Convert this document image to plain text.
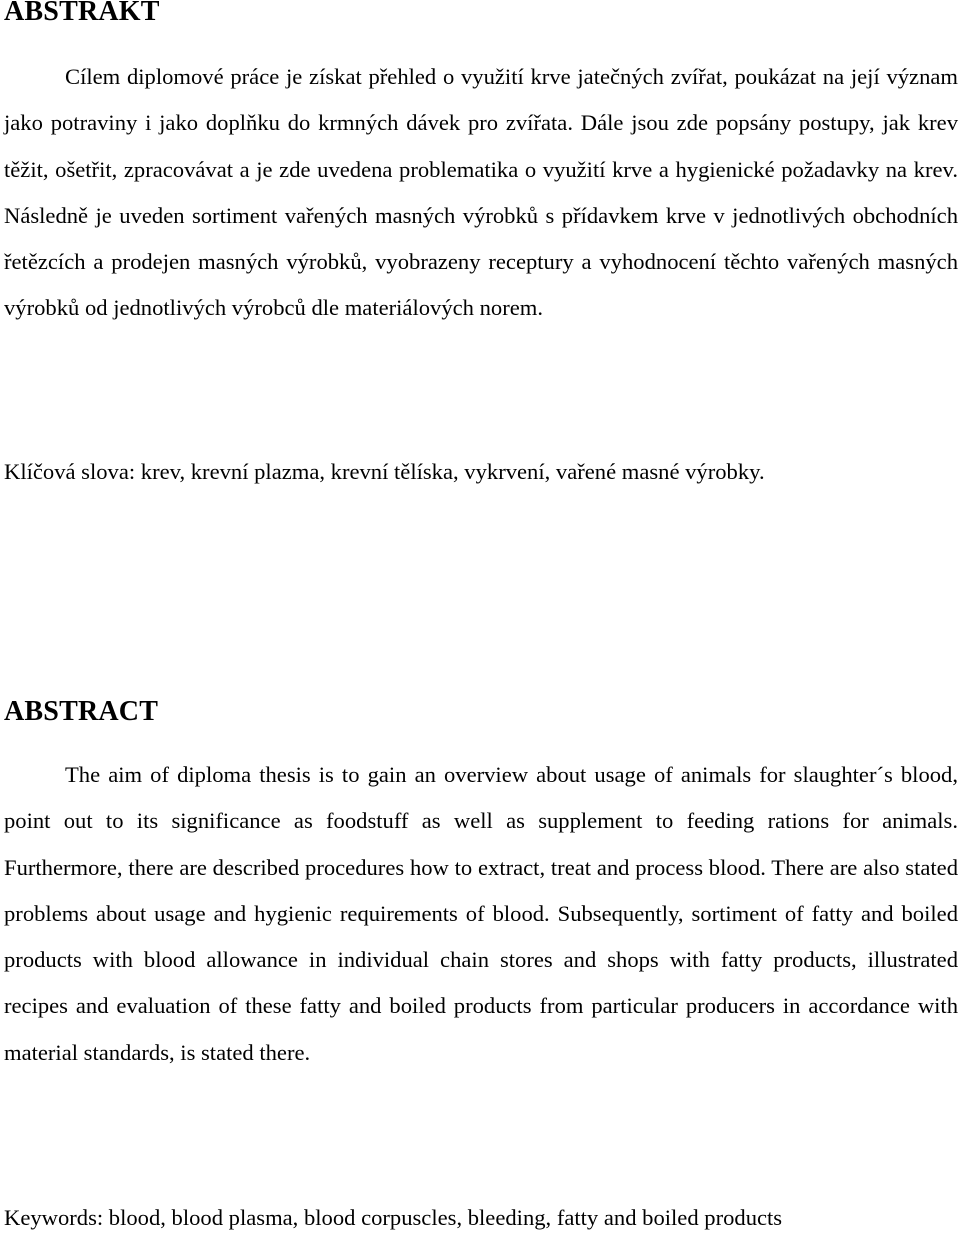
ABSTRAKT

Cílem diplomové práce je získat přehled o využití krve jatečných zvířat, poukázat na její význam jako potraviny i jako doplňku do krmných dávek pro zvířata. Dále jsou zde popsány postupy, jak krev těžit, ošetřit, zpracovávat a je zde uvedena problematika o využití krve a hygienické požadavky na krev. Následně je uveden sortiment vařených masných výrobků s přídavkem krve v jednotlivých obchodních řetězcích a prodejen masných výrobků, vyobrazeny receptury a vyhodnocení těchto vařených masných výrobků od jednotlivých výrobců dle materiálových norem.

Klíčová slova: krev, krevní plazma, krevní tělíska, vykrvení, vařené masné výrobky.

ABSTRACT

The aim of diploma thesis is to gain an overview about usage of animals for slaughter´s blood, point out to its significance as foodstuff as well as supplement to feeding rations for animals. Furthermore, there are described procedures how to extract, treat and process blood. There are also stated problems about usage and hygienic requirements of blood. Subsequently, sortiment of fatty and boiled products with blood allowance in individual chain stores and shops with fatty products, illustrated recipes and evaluation of these fatty and boiled products from particular producers in accordance with material standards, is stated there.

Keywords: blood, blood plasma, blood corpuscles, bleeding, fatty and boiled products
